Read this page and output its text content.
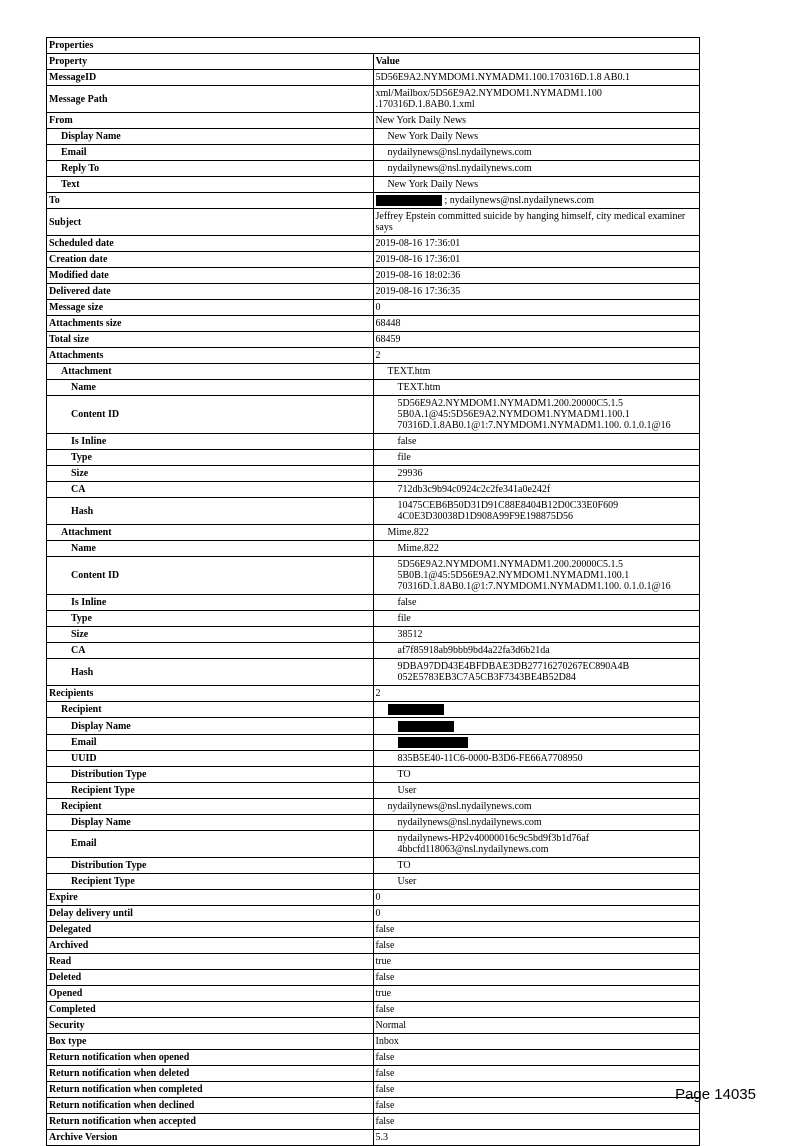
Properties	
Property	Value
MessageID	5D56E9A2.NYMDOM1.NYMADM1.100.170316D.1.8 AB0.1
Message Path	xml/Mailbox/5D56E9A2.NYMDOM1.NYMADM1.100 .170316D.1.8AB0.1.xml
From	New York Daily News
Display Name	New York Daily News
Email	nydailynews@nsl.nydailynews.com
Reply To	nydailynews@nsl.nydailynews.com
Text	New York Daily News
To	; nydailynews@nsl.nydailynews.com
Subject	Jeffrey Epstein committed suicide by hanging himself, city medical examiner says
Scheduled date	2019-08-16 17:36:01
Creation date	2019-08-16 17:36:01
Modified date	2019-08-16 18:02:36
Delivered date	2019-08-16 17:36:35
Message size	0
Attachments size	68448
Total size	68459
Attachments	2
Attachment	TEXT.htm
Name	TEXT.htm
Content ID	5D56E9A2.NYMDOM1.NYMADM1.200.20000C5.1.5
5B0A.1@45:5D56E9A2.NYMDOM1.NYMADM1.100.1
70316D.1.8AB0.1@1:7.NYMDOM1.NYMADM1.100. 0.1.0.1@16
Is Inline	false
Type	file
Size	29936
CA	712db3c9b94c0924c2c2fe341a0e242f
Hash	10475CEB6B50D31D91C88E8404B12D0C33E0F609 4C0E3D30038D1D908A99F9E198875D56
Attachment	Mime.822
Name	Mime.822
Content ID	5D56E9A2.NYMDOM1.NYMADM1.200.20000C5.1.5
5B0B.1@45:5D56E9A2.NYMDOM1.NYMADM1.100.1
70316D.1.8AB0.1@1:7.NYMDOM1.NYMADM1.100. 0.1.0.1@16
Is Inline	false
Type	file
Size	38512
CA	af7f85918ab9bbb9bd4a22fa3d6b21da
Hash	9DBA97DD43E4BFDBAE3DB27716270267EC890A4B 052E5783EB3C7A5CB3F7343BE4B52D84
Recipients	2
Recipient	
Display Name	
Email	
UUID	835B5E40-11C6-0000-B3D6-FE66A7708950
Distribution Type	TO
Recipient Type	User
Recipient	nydailynews@nsl.nydailynews.com
Display Name	nydailynews@nsl.nydailynews.com
Email	nydailynews-HP2v40000016c9c5bd9f3b1d76af 4bbcfd118063@nsl.nydailynews.com
Distribution Type	TO
Recipient Type	User
Expire	0
Delay delivery until	0
Delegated	false
Archived	false
Read	true
Deleted	false
Opened	true
Completed	false
Security	Normal
Box type	Inbox
Return notification when opened	false
Return notification when deleted	false
Return notification when completed	false
Return notification when declined	false
Return notification when accepted	false
Archive Version	5.3
Page 14035
